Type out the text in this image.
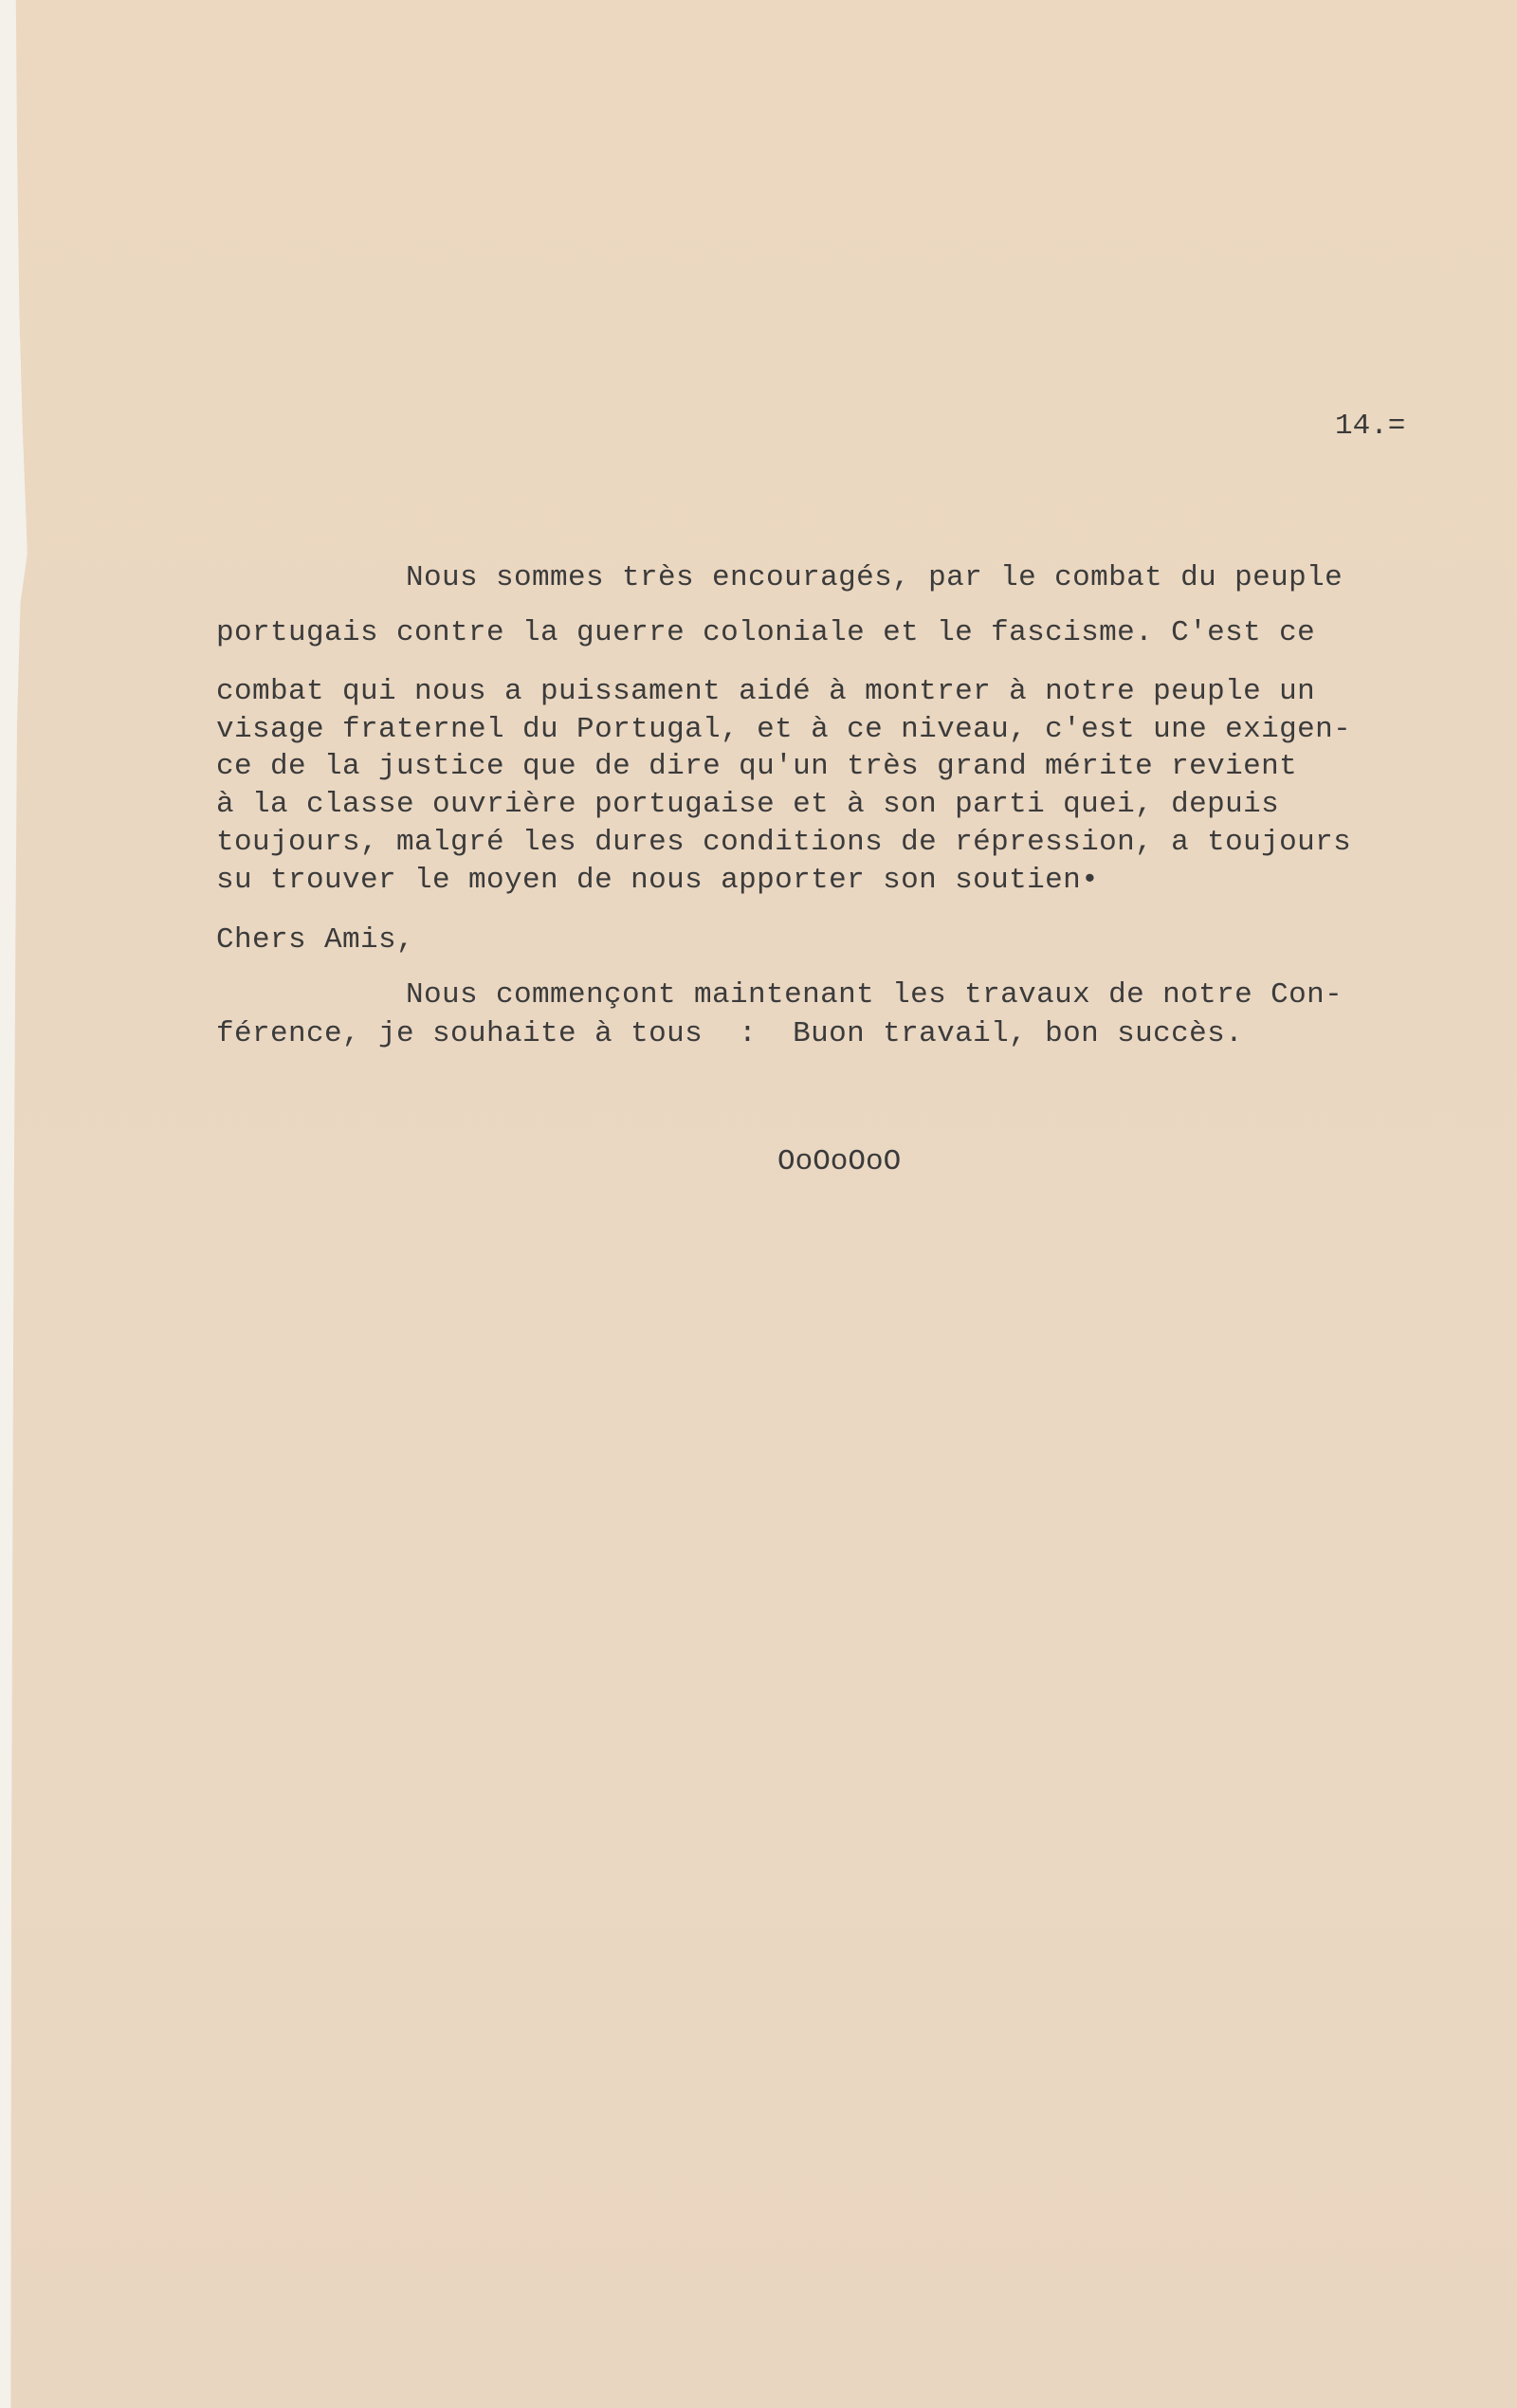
14.=

Nous sommes très encouragés, par le combat du peuple

portugais contre la guerre coloniale et le fascisme. C'est ce

combat qui nous a puissament aidé à montrer à notre peuple un

visage fraternel du Portugal, et à ce niveau, c'est une exigen-

ce de la justice que de dire qu'un très grand mérite revient

à la classe ouvrière portugaise et à son parti quei, depuis

toujours, malgré les dures conditions de répression, a toujours

su trouver le moyen de nous apporter son soutien•

Chers Amis,

Nous commençont maintenant les travaux de notre Con-

férence, je souhaite à tous  :  Buon travail, bon succès.

OoOoOoO
